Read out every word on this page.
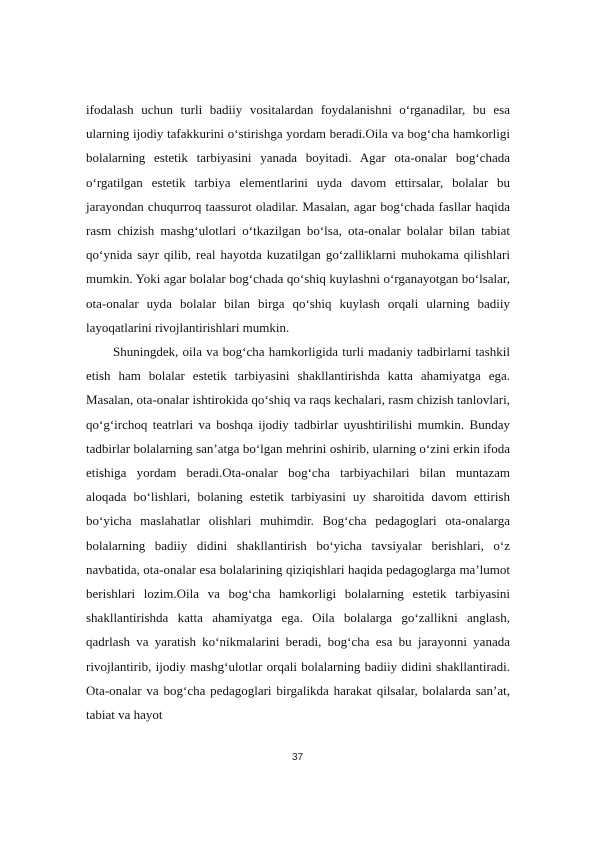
ifodalash uchun turli badiiy vositalardan foydalanishni o‘rganadilar, bu esa ularning ijodiy tafakkurini o‘stirishga yordam beradi.Oila va bog‘cha hamkorligi bolalarning estetik tarbiyasini yanada boyitadi. Agar ota-onalar bog‘chada o‘rgatilgan estetik tarbiya elementlarini uyda davom ettirsalar, bolalar bu jarayondan chuqurroq taassurot oladilar. Masalan, agar bog‘chada fasllar haqida rasm chizish mashg‘ulotlari o‘tkazilgan bo‘lsa, ota-onalar bolalar bilan tabiat qo‘ynida sayr qilib, real hayotda kuzatilgan go‘zalliklarni muhokama qilishlari mumkin. Yoki agar bolalar bog‘chada qo‘shiq kuylashni o‘rganayotgan bo‘lsalar, ota-onalar uyda bolalar bilan birga qo‘shiq kuylash orqali ularning badiiy layoqatlarini rivojlantirishlari mumkin.

Shuningdek, oila va bog‘cha hamkorligida turli madaniy tadbirlarni tashkil etish ham bolalar estetik tarbiyasini shakllantirishda katta ahamiyatga ega. Masalan, ota-onalar ishtirokida qo‘shiq va raqs kechalari, rasm chizish tanlovlari, qo‘g‘irchoq teatrlari va boshqa ijodiy tadbirlar uyushtirilishi mumkin. Bunday tadbirlar bolalarning san’atga bo‘lgan mehrini oshirib, ularning o‘zini erkin ifoda etishiga yordam beradi.Ota-onalar bog‘cha tarbiyachilari bilan muntazam aloqada bo‘lishlari, bolaning estetik tarbiyasini uy sharoitida davom ettirish bo‘yicha maslahatlar olishlari muhimdir. Bog‘cha pedagoglari ota-onalarga bolalarning badiiy didini shakllantirish bo‘yicha tavsiyalar berishlari, o‘z navbatida, ota-onalar esa bolalarining qiziqishlari haqida pedagoglarga ma’lumot berishlari lozim.Oila va bog‘cha hamkorligi bolalarning estetik tarbiyasini shakllantirishda katta ahamiyatga ega. Oila bolalarga go‘zallikni anglash, qadrlash va yaratish ko‘nikmalarini beradi, bog‘cha esa bu jarayonni yanada rivojlantirib, ijodiy mashg‘ulotlar orqali bolalarning badiiy didini shakllantiradi. Ota-onalar va bog‘cha pedagoglari birgalikda harakat qilsalar, bolalarda san’at, tabiat va hayot

37
